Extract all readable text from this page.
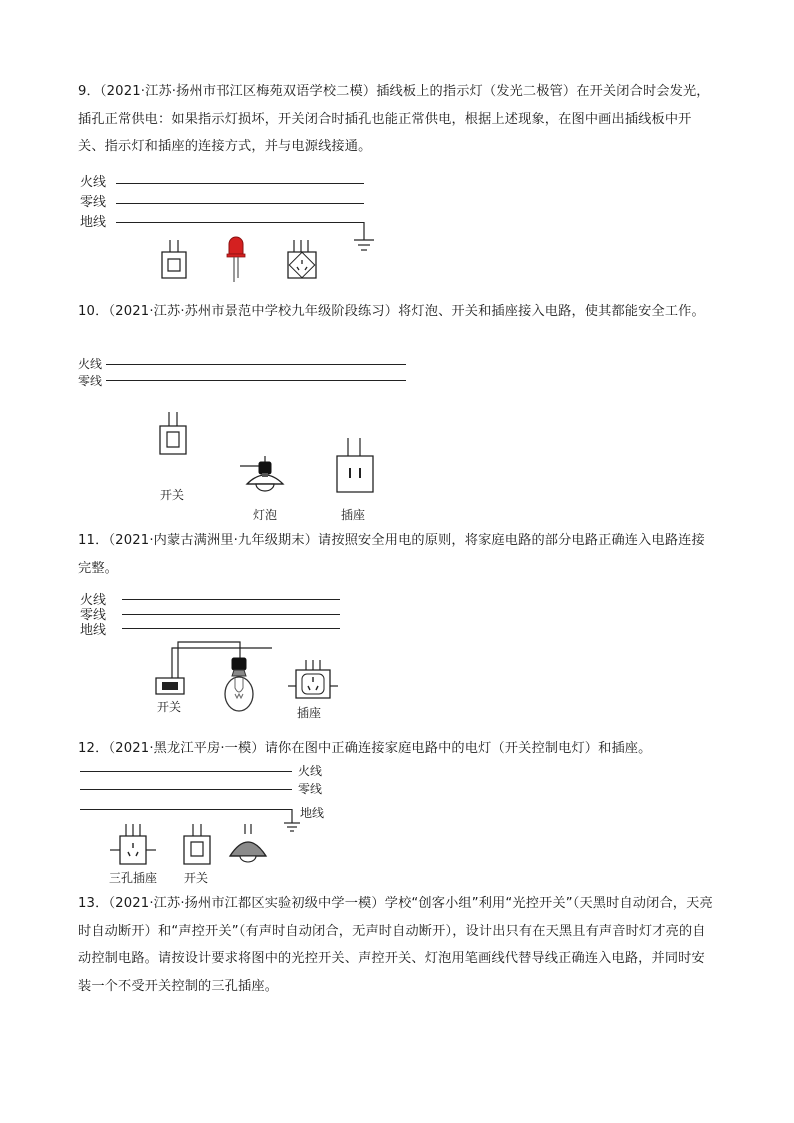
9．（2021·江苏·扬州市邗江区梅苑双语学校二模）插线板上的指示灯（发光二极管）在开关闭合时会发光，插孔正常供电：如果指示灯损坏，开关闭合时插孔也能正常供电，根据上述现象，在图中画出插线板中开关、指示灯和插座的连接方式，并与电源线接通。

火线
零线
地线

10．（2021·江苏·苏州市景范中学校九年级阶段练习）将灯泡、开关和插座接入电路，使其都能安全工作。

火线
零线
开关
灯泡	插座

11．（2021·内蒙古满洲里·九年级期末）请按照安全用电的原则，将家庭电路的部分电路正确连入电路连接完整。

火线
零线
地线
开关	插座

12．（2021·黑龙江平房·一模）请你在图中正确连接家庭电路中的电灯（开关控制电灯）和插座。

火线
零线
地线
三孔插座 开关

13．（2021·江苏·扬州市江都区实验初级中学一模）学校“创客小组”利用“光控开关”（天黑时自动闭合，天亮时自动断开）和“声控开关”（有声时自动闭合，无声时自动断开），设计出只有在天黑且有声音时灯才亮的自动控制电路。请按设计要求将图中的光控开关、声控开关、灯泡用笔画线代替导线正确连入电路，并同时安装一个不受开关控制的三孔插座。
